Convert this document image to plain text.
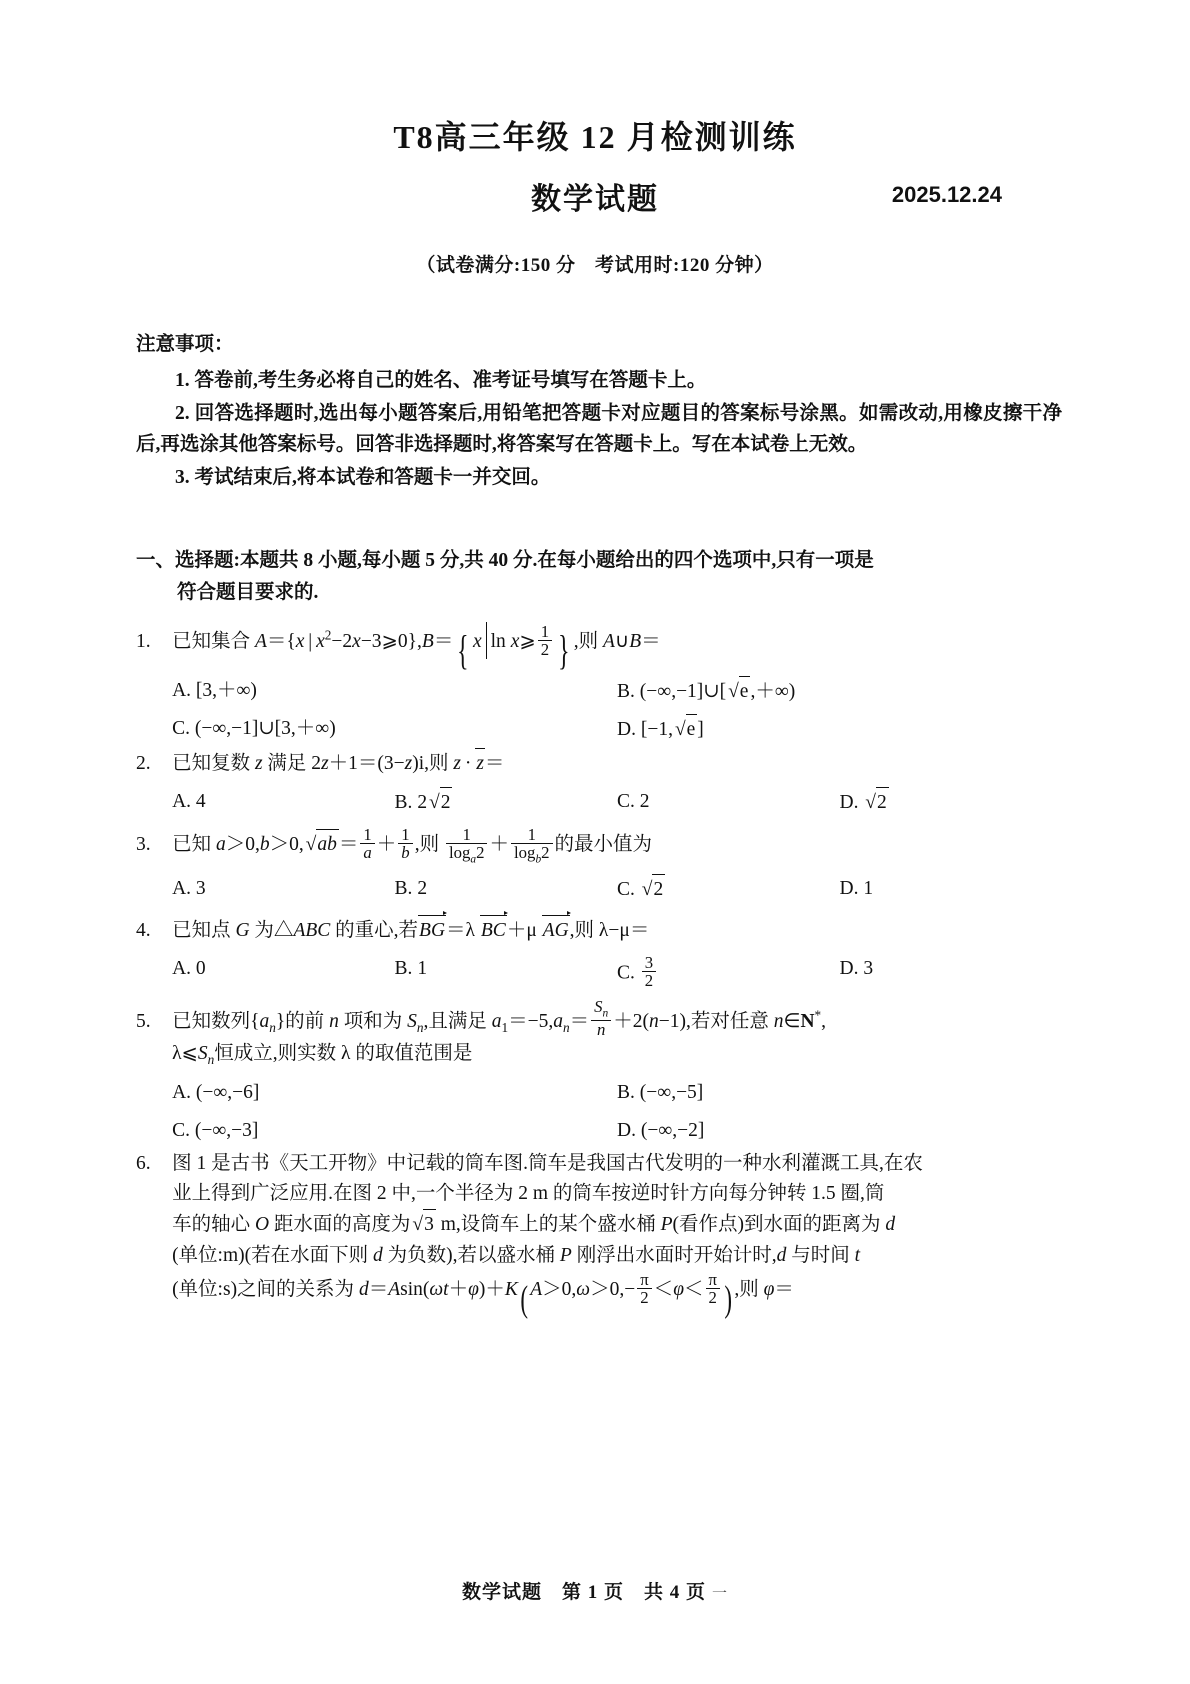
T8高三年级 12 月检测训练
数学试题	2025.12.24
（试卷满分:150 分　考试用时:120 分钟）
注意事项：
1. 答卷前,考生务必将自己的姓名、准考证号填写在答题卡上。
2. 回答选择题时,选出每小题答案后,用铅笔把答题卡对应题目的答案标号涂黑。如需改动,用橡皮擦干净后,再选涂其他答案标号。回答非选择题时,将答案写在答题卡上。写在本试卷上无效。
3. 考试结束后,将本试卷和答题卡一并交回。
一、选择题:本题共 8 小题,每小题 5 分,共 40 分.在每小题给出的四个选项中,只有一项是
符合题目要求的.
1. 已知集合 A＝{x | $x^2-2x-3⩾0\},B=$ { x ln x⩾ $\frac{1}{2}$ } ,则 A∪B＝
A. [3,＋∞)	B. (−∞,−1]∪[√e ,＋∞)
C. (−∞,−1]∪[3,＋∞)	D. [−1,√e ]
2. 已知复数 z 满足 2z＋1＝(3−z)i,则 z · z＝
A. 4	B. 2√2	C. 2	D. √2
3. 已知 $a>0,b>0,√ab = \frac{1}{a} + \frac{1}{b}$ ,则 $\frac{1}{\log_a2} + \frac{1}{\log_b2}$ 的最小值为
A. 3	B. 2	C. √2	D. 1
4. 已知点 G 为△ABC 的重心,若BG＝λ BC＋μ AG,则 λ−μ＝
A. 0	B. 1	C. $\frac{3}{2}$	D. 3
5. 已知数列$\{a_n\}$的前 n 项和为 $S_n$,且满足 $a_1=-5,a_n= \frac{S_n}{n} +2(n-1)$,若对任意 n∈N*,
$\lambda⩽S_n$恒成立,则实数 λ 的取值范围是
A. (−∞,−6]	B. (−∞,−5]
C. (−∞,−3]	D. (−∞,−2]
6. 图 1 是古书《天工开物》中记载的筒车图.筒车是我国古代发明的一种水利灌溉工具,在农
业上得到广泛应用.在图 2 中,一个半径为 2 m 的筒车按逆时针方向每分钟转 1.5 圈,筒
车的轴心 O 距水面的高度为√3 m,设筒车上的某个盛水桶 P(看作点)到水面的距离为 d
(单位:m)(若在水面下则 d 为负数),若以盛水桶 P 刚浮出水面时开始计时,d 与时间 t
(单位:s)之间的关系为 d＝Asin(ωt＋φ)＋K( $A>0,\omega>0,- \frac{\pi}{2} <\varphi< \frac{\pi}{2}$ ) ,则 φ＝
数学试题　第 1 页　共 4 页 一
